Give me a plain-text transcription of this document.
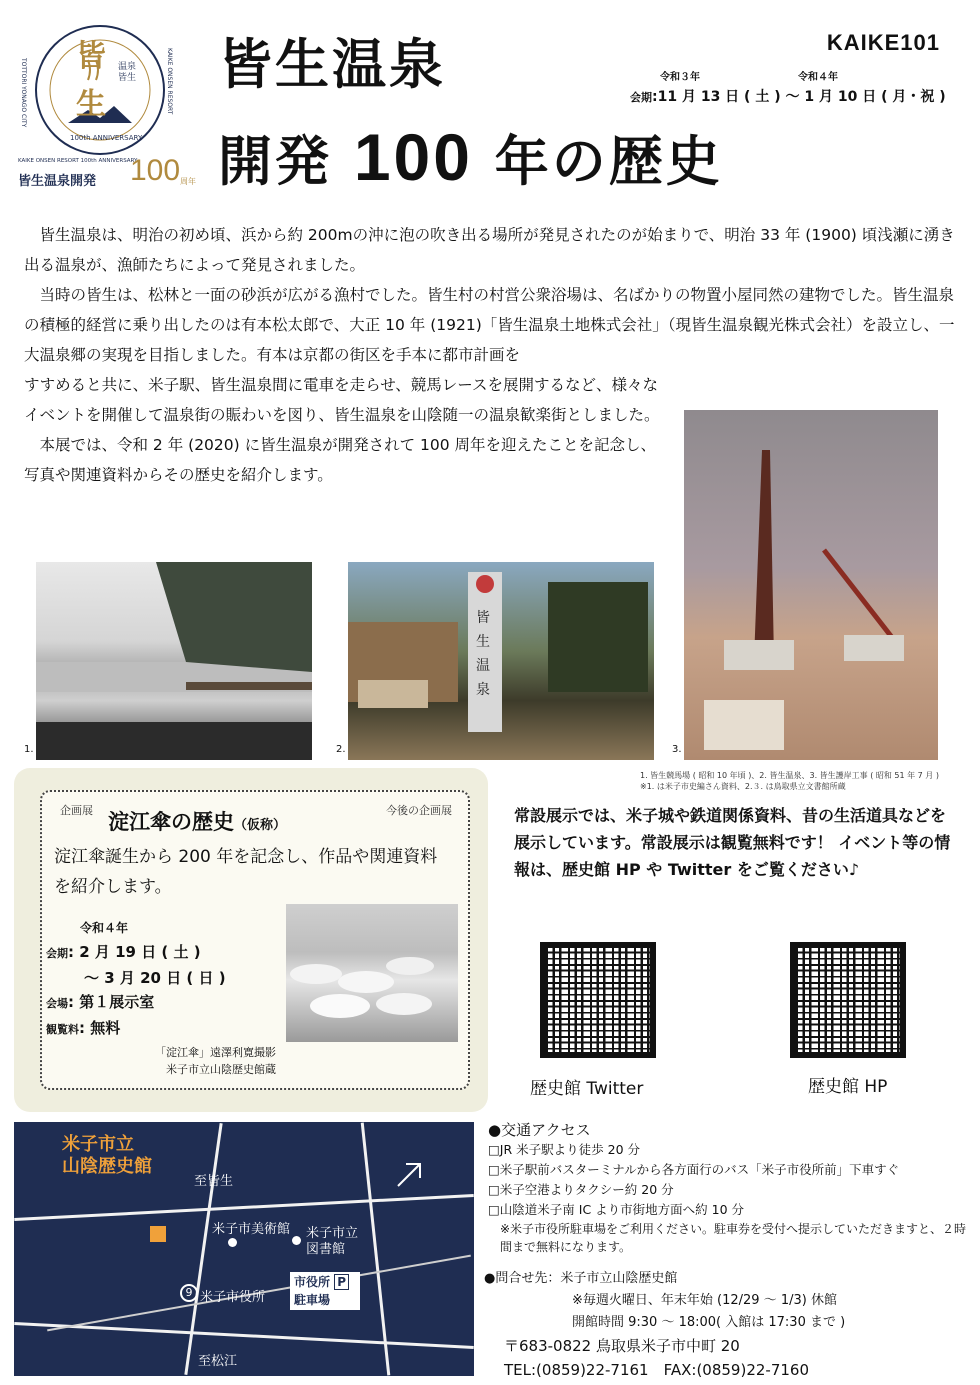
皆
生
温泉 皆生
TOTTORI YONAGO CITY	KAIKE ONSEN RESORT
100th ANNIVERSARY
KAIKE ONSEN RESORT 100th ANNIVERSARY
皆生温泉開発 100 周年
皆生温泉
開発 100 年の歴史
KAIKE101
令和３年	令和４年
会期:11 月 13 日 ( 土 ) 〜 1 月 10 日 ( 月・祝 )

皆生温泉は、明治の初め頃、浜から約 200mの沖に泡の吹き出る場所が発見されたのが始まりで、明治 33 年 (1900) 頃浅瀬に湧き出る温泉が、漁師たちによって発見されました。

当時の皆生は、松林と一面の砂浜が広がる漁村でした。皆生村の村営公衆浴場は、名ばかりの物置小屋同然の建物でした。皆生温泉の積極的経営に乗り出したのは有本松太郎で、大正 10 年 (1921)「皆生温泉土地株式会社」（現皆生温泉観光株式会社）を設立し、一大温泉郷の実現を目指しました。有本は京都の街区を手本に都市計画を

すすめると共に、米子駅、皆生温泉間に電車を走らせ、競馬レースを展開するなど、様々なイベントを開催して温泉街の賑わいを図り、皆生温泉を山陰随一の温泉歓楽街としました。

本展では、令和 2 年 (2020) に皆生温泉が開発されて 100 周年を迎えたことを記念し、写真や関連資料からその歴史を紹介します。

1.
皆生温泉
2.	3.
1. 皆生競馬場 ( 昭和 10 年頃 )、2. 皆生温泉、3. 皆生護岸工事 ( 昭和 51 年 7 月 )
※1. は米子市史編さん資料、2.３. は鳥取県立文書館所蔵
企画展	今後の企画展
淀江傘の歴史（仮称）
淀江傘誕生から 200 年を記念し、作品や関連資料を紹介します。
令和４年
会期: 2 月 19 日 ( 土 )
〜 3 月 20 日 ( 日 )
会場: 第１展示室
観覧料: 無料
「淀江傘」遠澤利寛撮影
米子市立山陰歴史館蔵
常設展示では、米子城や鉄道関係資料、昔の生活道具などを展示しています。常設展示は観覧無料です！ イベント等の情報は、歴史館 HP や Twitter をご覧ください♪
歴史館 Twitter	歴史館 HP
米子市立
山陰歴史館
至皆生
至松江
米子市美術館 米子市立
図書館
9 米子市役所
市役所 P
駐車場
●交通アクセス
□JR 米子駅より徒歩 20 分
□米子駅前バスターミナルから各方面行のバス「米子市役所前」下車すぐ
□米子空港よりタクシー約 20 分
□山陰道米子南 IC より市街地方面へ約 10 分
※米子市役所駐車場をご利用ください。駐車券を受付へ提示していただきますと、２時間まで無料になります。
●問合せ先：米子市立山陰歴史館
※毎週火曜日、年末年始 (12/29 〜 1/3) 休館
開館時間 9:30 〜 18:00( 入館は 17:30 まで )
〒683-0822 鳥取県米子市中町 20
TEL:(0859)22-7161　FAX:(0859)22-7160
